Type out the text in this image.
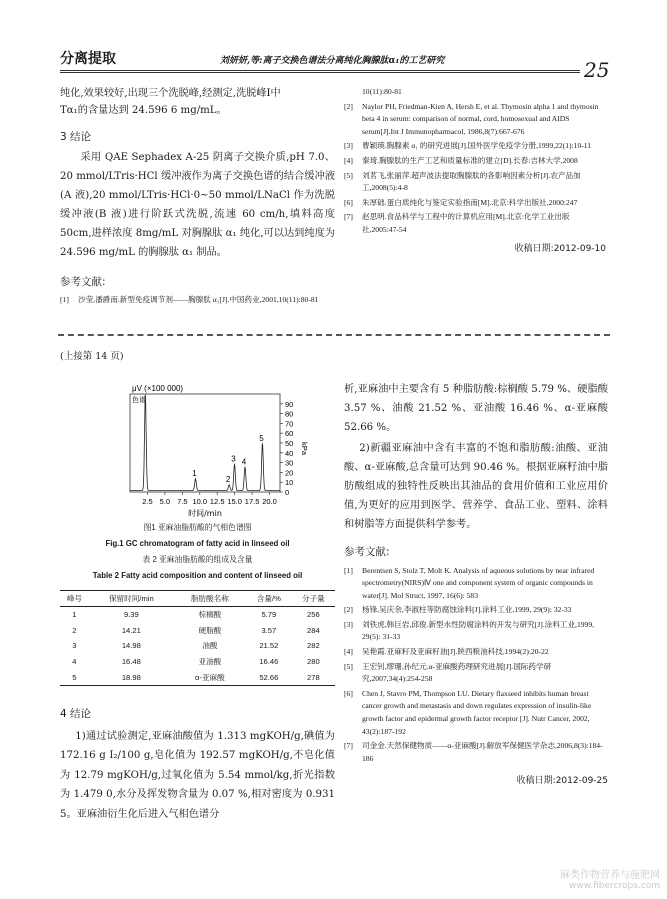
分离提取	刘妍妍,等:离子交换色谱法分离纯化胸腺肽α₁的工艺研究	25

纯化,效果较好,出现三个洗脱峰,经测定,洗脱峰Ⅰ中

Tα₁的含量达到 24.596 6 mg/mL。

3 结论

采用 QAE Sephadex A-25 阴离子交换介质,pH 7.0、20 mmol/LTris·HCl 缓冲液作为离子交换色谱的结合缓冲液(A 液),20 mmol/LTris·HCl·0~50 mmol/LNaCl 作为洗脱缓冲液(B 液)进行阶跃式洗脱,流速 60 cm/h,填料高度 50cm,进样浓度 8mg/mL 对胸腺肽 α₁ 纯化,可以达到纯度为 24.596 mg/mL 的胸腺肽 α₁ 制品。

参考文献:
[1]	沙莹,潘爵南.新型免疫调节剂——胸腺肽 α₁[J].中国药业,2001,10(11):80-81
10(11):80-81
[2]	Naylor PH, Friedman-Kien A, Hersh E, et al. Thymosin alpha 1 and thymosin beta 4 in serum: comparison of normal, cord, homosexual and AIDS serum[J].Int J Immunopharmacol, 1986,8(7):667-676
[3]	曹颖瑛.胸腺素 α₁ 的研究进展[J].国外医学免疫学分册,1999,22(1):10-11
[4]	秦琦.胸腺肽的生产工艺和质量标准的建立[D].长春:吉林大学,2008
[5]	刘茗飞,张丽萍.超声波法提取胸腺肽的各影响因素分析[J].农产品加工,2008(5):4-8
[6]	朱厚础.蛋白质纯化与鉴定实验指南[M].北京:科学出版社,2000:247
[7]	赵思明.食品科学与工程中的计算机应用[M].北京:化学工业出版社,2005:47-54
收稿日期:2012-09-10
(上接第 14 页)
μV (×100 000)
色谱
0
10
20
30
40
50
60
70
80
90
kPa
2.5 5.0 7.5 10.0 12.5 15.0 17.5 20.0
时间/min
1
2
3 4
5
图1 亚麻油脂肪酸的气相色谱图
Fig.1 GC chromatogram of fatty acid in linseed oil
表 2 亚麻油脂肪酸的组成及含量
Table 2 Fatty acid composition and content of linseed oil
峰号	保留时间/min	脂肪酸名称	含量/%	分子量
1	9.39	棕榈酸	5.79	256
2	14.21	硬脂酸	3.57	284
3	14.98	油酸	21.52	282
4	16.48	亚油酸	16.46	280
5	18.98	α-亚麻酸	52.66	278
4 结论

1)通过试验测定,亚麻油酸值为 1.313 mgKOH/g,碘值为 172.16 g I₂/100 g,皂化值为 192.57 mgKOH/g,不皂化值为 12.79 mgKOH/g,过氧化值为 5.54 mmol/kg,折光指数为 1.479 0,水分及挥发物含量为 0.07 %,相对密度为 0.931 5。亚麻油衍生化后进入气相色谱分

析,亚麻油中主要含有 5 种脂肪酸:棕榈酸 5.79 %、硬脂酸 3.57 %、油酸 21.52 %、亚油酸 16.46 %、α-亚麻酸 52.66 %。

2)新疆亚麻油中含有丰富的不饱和脂肪酸:油酸、亚油酸、α-亚麻酸,总含量可达到 90.46 %。根据亚麻籽油中脂肪酸组成的独特性反映出其油品的食用价值和工业应用价值,为更好的应用到医学、营养学、食品工业、塑料、涂料和树脂等方面提供科学参考。

参考文献:
[1]	Berentsen S, Stolz T, Molt K. Analysis of aqueous solutions by near infrared spectrometry(NIRS)Ⅳ one and component system of organic compounds in water[J]. Mol Struct, 1997, 16(6): 583
[2]	杨锋,吴庆余,李淑柱等防腐蚀涂料[J].涂料工业,1999, 29(9): 32-33
[3]	刘铁虎,韩巨岩,邱俊.新型水性防腐涂料的开发与研究[J].涂料工业,1999, 29(5): 31-33
[4]	吴艳霞.亚麻籽及亚麻籽油[J].陕西粮油科技,1994(2):20-22
[5]	王宏钊,缪珊,孙纪元.α-亚麻酸药理研究进展[J].国际药学研究,2007,34(4):254-258
[6]	Chen J, Stavro PM, Thompson LU. Dietary flaxseed inhibits human breast cancer growth and metastasis and down regulates expression of insulin-like growth factor and epidermal growth factor receptor [J]. Nutr Cancer, 2002, 43(2):187-192
[7]	司金金.天然保健物质——α-亚麻酸[J].解放军保健医学杂志,2006,8(3):184-186
收稿日期:2012-09-25
麻类作物营养与施肥网
www.fibercrops.com
